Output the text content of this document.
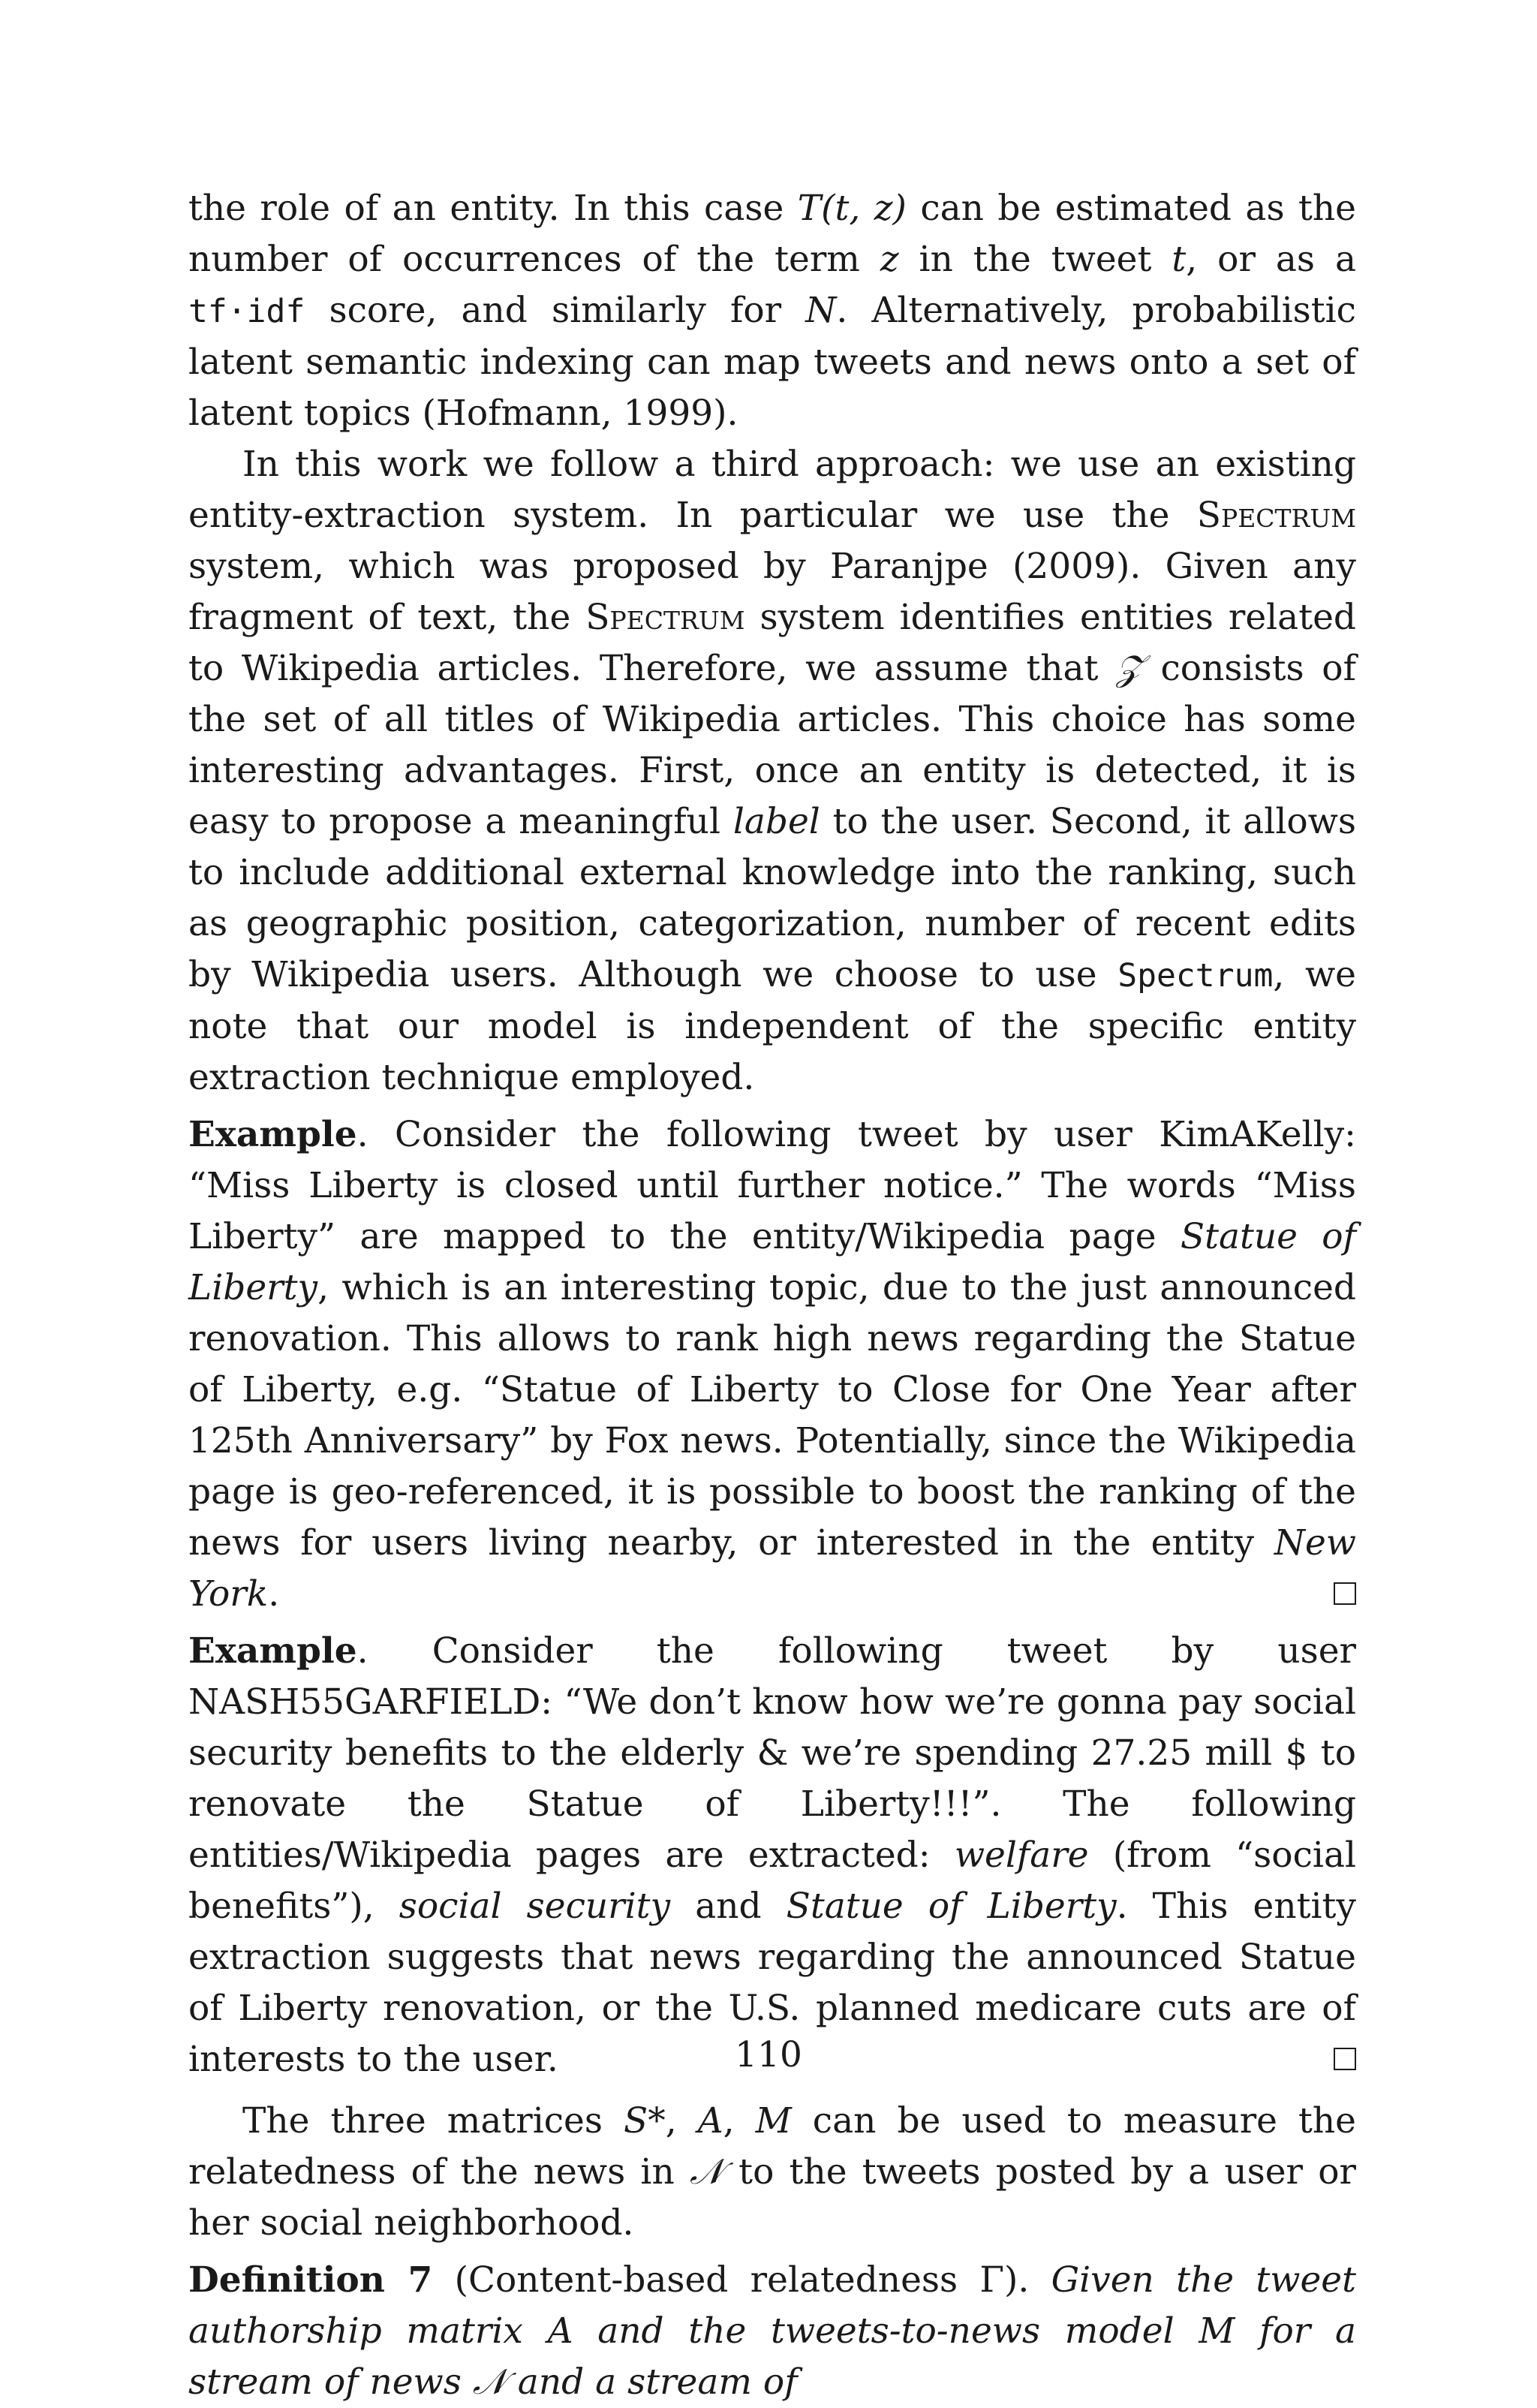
the role of an entity. In this case T(t, z) can be estimated as the number of occurrences of the term z in the tweet t, or as a tf·idf score, and similarly for N. Alternatively, probabilistic latent semantic indexing can map tweets and news onto a set of latent topics (Hofmann, 1999).

In this work we follow a third approach: we use an existing entity-extraction system. In particular we use the Spectrum system, which was proposed by Paranjpe (2009). Given any fragment of text, the Spectrum system identifies entities related to Wikipedia articles. Therefore, we assume that 𝒵 consists of the set of all titles of Wikipedia articles. This choice has some interesting advantages. First, once an entity is detected, it is easy to propose a meaningful label to the user. Second, it allows to include additional external knowledge into the ranking, such as geographic position, categorization, number of recent edits by Wikipedia users. Although we choose to use Spectrum, we note that our model is independent of the specific entity extraction technique employed.

Example. Consider the following tweet by user KimAKelly: “Miss Liberty is closed until further notice.” The words “Miss Liberty” are mapped to the entity/Wikipedia page Statue of Liberty, which is an interesting topic, due to the just announced renovation. This allows to rank high news regarding the Statue of Liberty, e.g. “Statue of Liberty to Close for One Year after 125th Anniversary” by Fox news. Potentially, since the Wikipedia page is geo-referenced, it is possible to boost the ranking of the news for users living nearby, or interested in the entity New York.

Example. Consider the following tweet by user NASH55GARFIELD: “We don’t know how we’re gonna pay social security benefits to the elderly & we’re spending 27.25 mill $ to renovate the Statue of Liberty!!!”. The following entities/Wikipedia pages are extracted: welfare (from “social benefits”), social security and Statue of Liberty. This entity extraction suggests that news regarding the announced Statue of Liberty renovation, or the U.S. planned medicare cuts are of interests to the user.

The three matrices S*, A, M can be used to measure the relatedness of the news in 𝒩 to the tweets posted by a user or her social neighborhood.

Definition 7 (Content-based relatedness Γ). Given the tweet authorship matrix A and the tweets-to-news model M for a stream of news 𝒩 and a stream of

110
